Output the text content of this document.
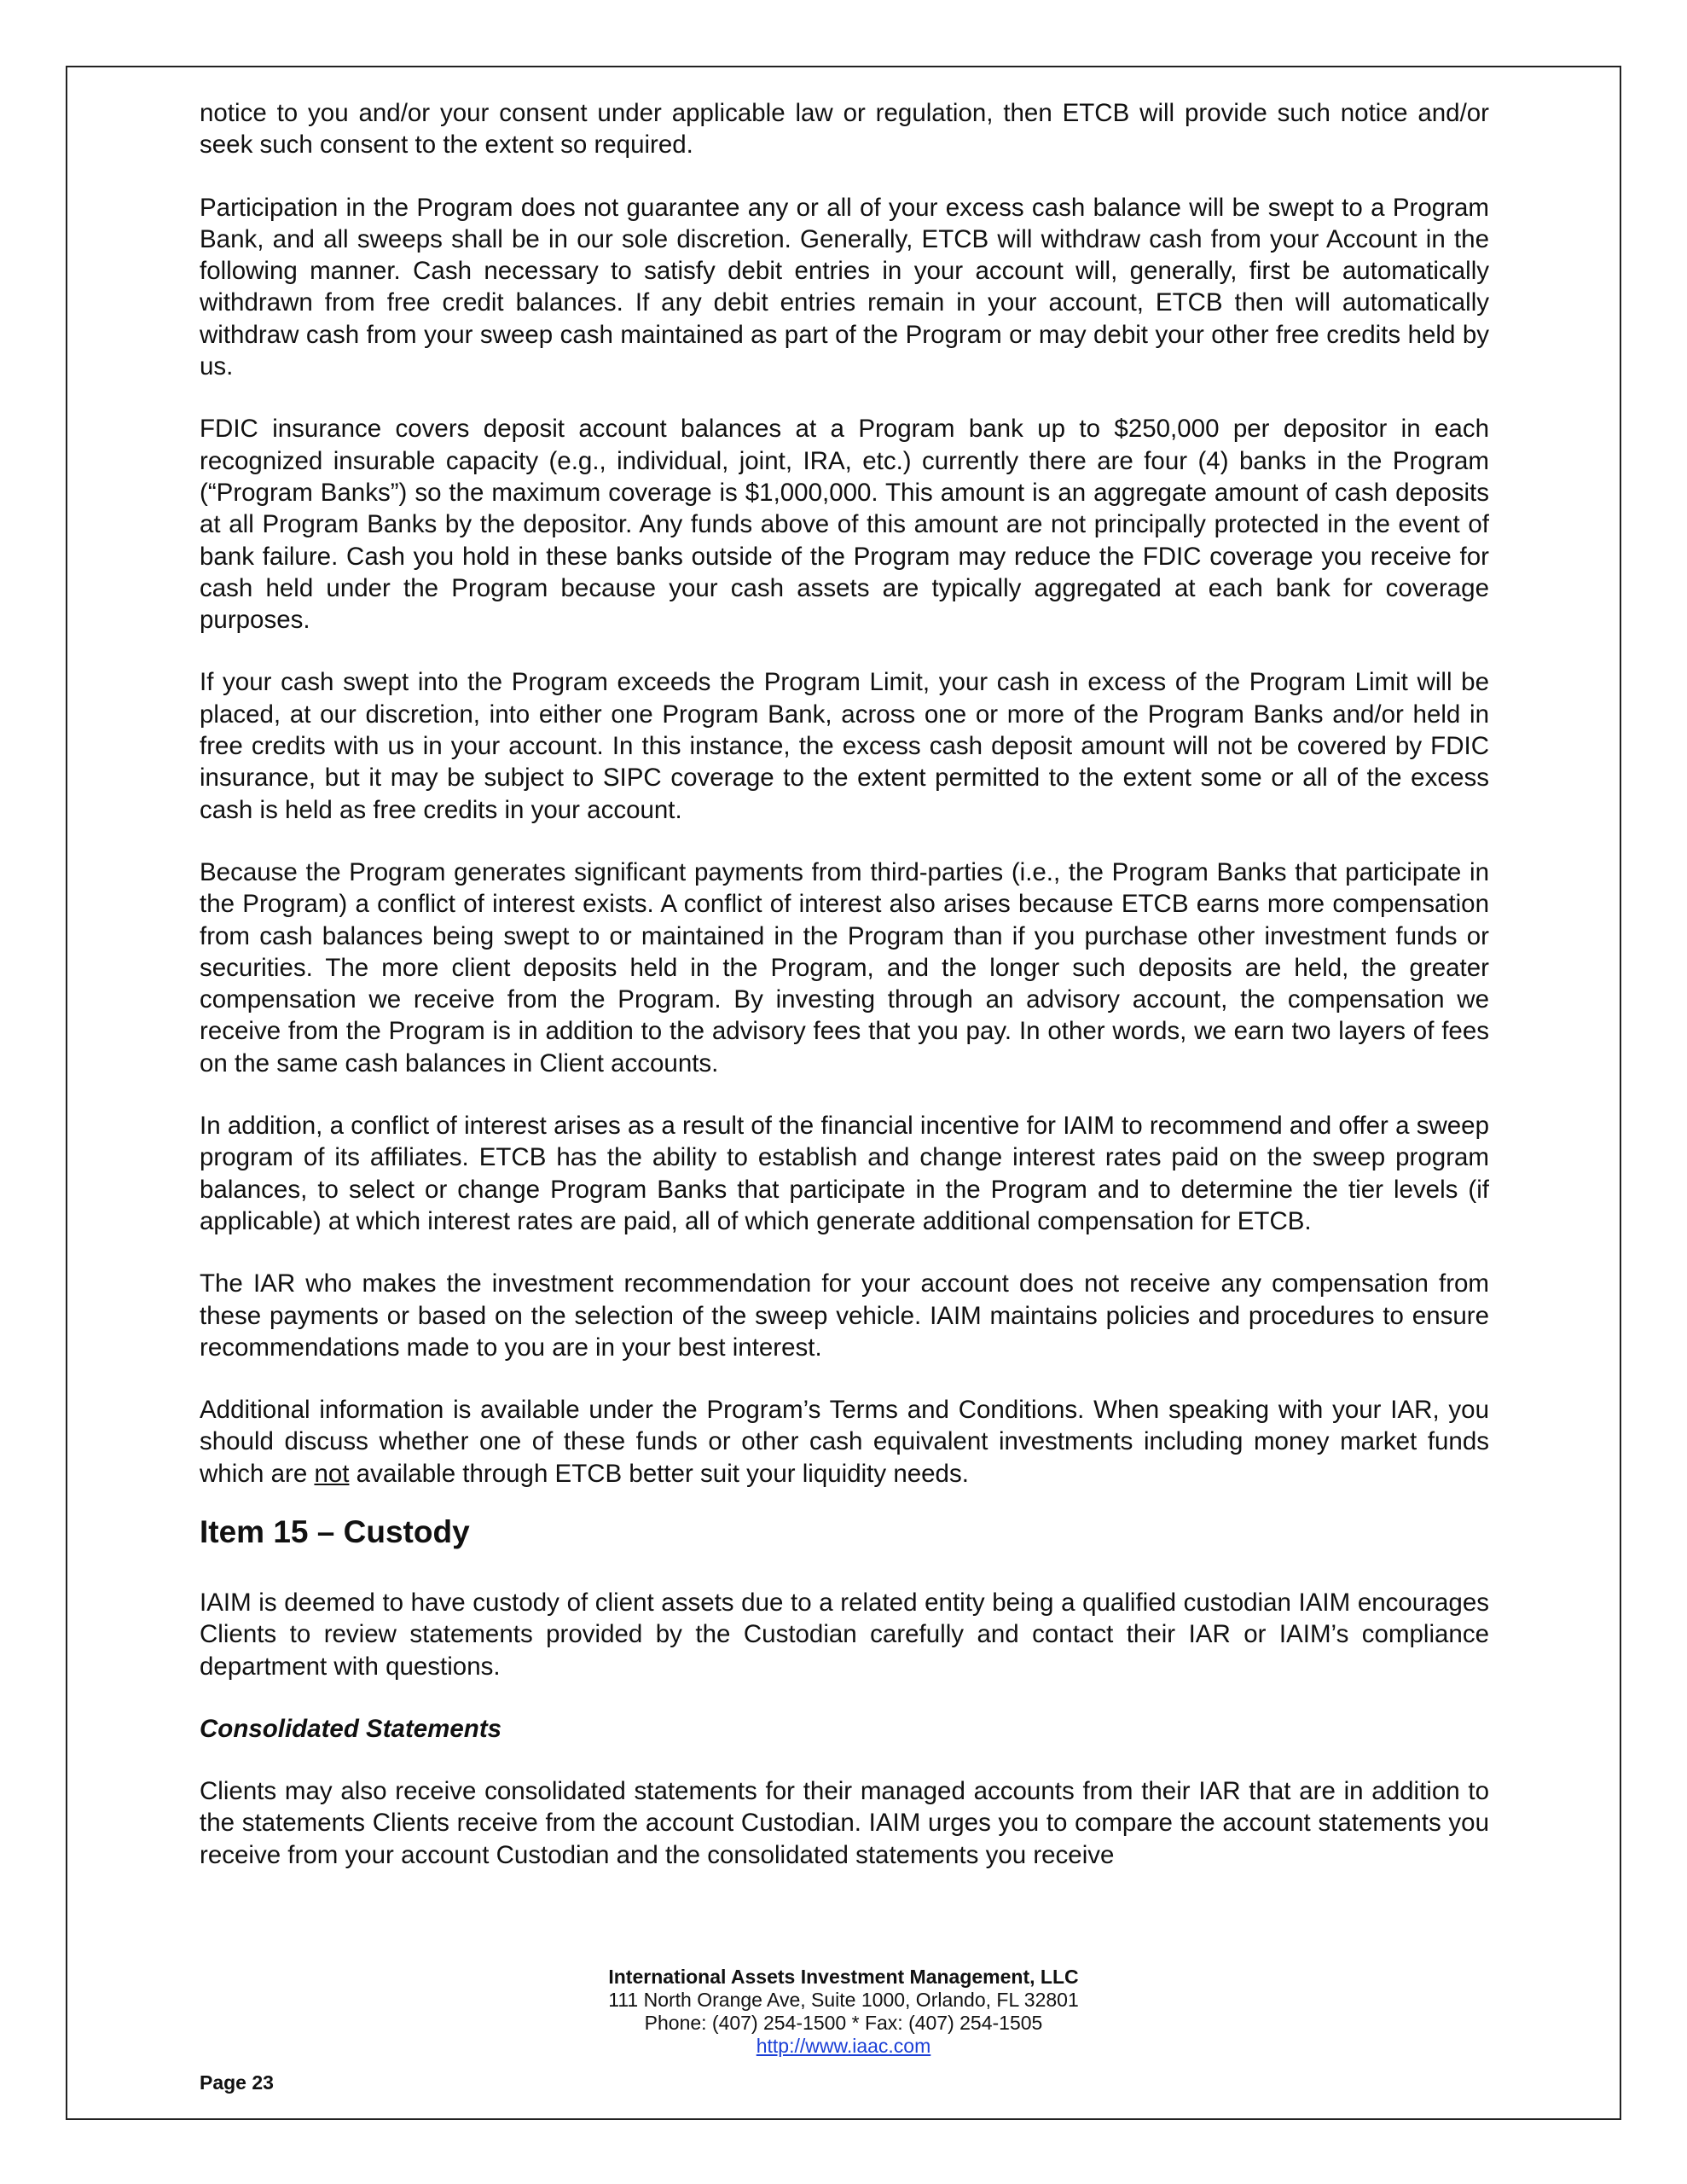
notice to you and/or your consent under applicable law or regulation, then ETCB will provide such notice and/or seek such consent to the extent so required.

Participation in the Program does not guarantee any or all of your excess cash balance will be swept to a Program Bank, and all sweeps shall be in our sole discretion. Generally, ETCB will withdraw cash from your Account in the following manner. Cash necessary to satisfy debit entries in your account will, generally, first be automatically withdrawn from free credit balances. If any debit entries remain in your account, ETCB then will automatically withdraw cash from your sweep cash maintained as part of the Program or may debit your other free credits held by us.

FDIC insurance covers deposit account balances at a Program bank up to $250,000 per depositor in each recognized insurable capacity (e.g., individual, joint, IRA, etc.) currently there are four (4) banks in the Program (“Program Banks”) so the maximum coverage is $1,000,000. This amount is an aggregate amount of cash deposits at all Program Banks by the depositor. Any funds above of this amount are not principally protected in the event of bank failure. Cash you hold in these banks outside of the Program may reduce the FDIC coverage you receive for cash held under the Program because your cash assets are typically aggregated at each bank for coverage purposes.

If your cash swept into the Program exceeds the Program Limit, your cash in excess of the Program Limit will be placed, at our discretion, into either one Program Bank, across one or more of the Program Banks and/or held in free credits with us in your account. In this instance, the excess cash deposit amount will not be covered by FDIC insurance, but it may be subject to SIPC coverage to the extent permitted to the extent some or all of the excess cash is held as free credits in your account.

Because the Program generates significant payments from third-parties (i.e., the Program Banks that participate in the Program) a conflict of interest exists. A conflict of interest also arises because ETCB earns more compensation from cash balances being swept to or maintained in the Program than if you purchase other investment funds or securities. The more client deposits held in the Program, and the longer such deposits are held, the greater compensation we receive from the Program. By investing through an advisory account, the compensation we receive from the Program is in addition to the advisory fees that you pay. In other words, we earn two layers of fees on the same cash balances in Client accounts.

In addition, a conflict of interest arises as a result of the financial incentive for IAIM to recommend and offer a sweep program of its affiliates. ETCB has the ability to establish and change interest rates paid on the sweep program balances, to select or change Program Banks that participate in the Program and to determine the tier levels (if applicable) at which interest rates are paid, all of which generate additional compensation for ETCB.

The IAR who makes the investment recommendation for your account does not receive any compensation from these payments or based on the selection of the sweep vehicle. IAIM maintains policies and procedures to ensure recommendations made to you are in your best interest.

Additional information is available under the Program’s Terms and Conditions. When speaking with your IAR, you should discuss whether one of these funds or other cash equivalent investments including money market funds which are not available through ETCB better suit your liquidity needs.

Item 15 – Custody

IAIM is deemed to have custody of client assets due to a related entity being a qualified custodian IAIM encourages Clients to review statements provided by the Custodian carefully and contact their IAR or IAIM’s compliance department with questions.

Consolidated Statements

Clients may also receive consolidated statements for their managed accounts from their IAR that are in addition to the statements Clients receive from the account Custodian. IAIM urges you to compare the account statements you receive from your account Custodian and the consolidated statements you receive

International Assets Investment Management, LLC
111 North Orange Ave, Suite 1000, Orlando, FL 32801
Phone: (407) 254-1500 * Fax: (407) 254-1505
http://www.iaac.com
Page 23
